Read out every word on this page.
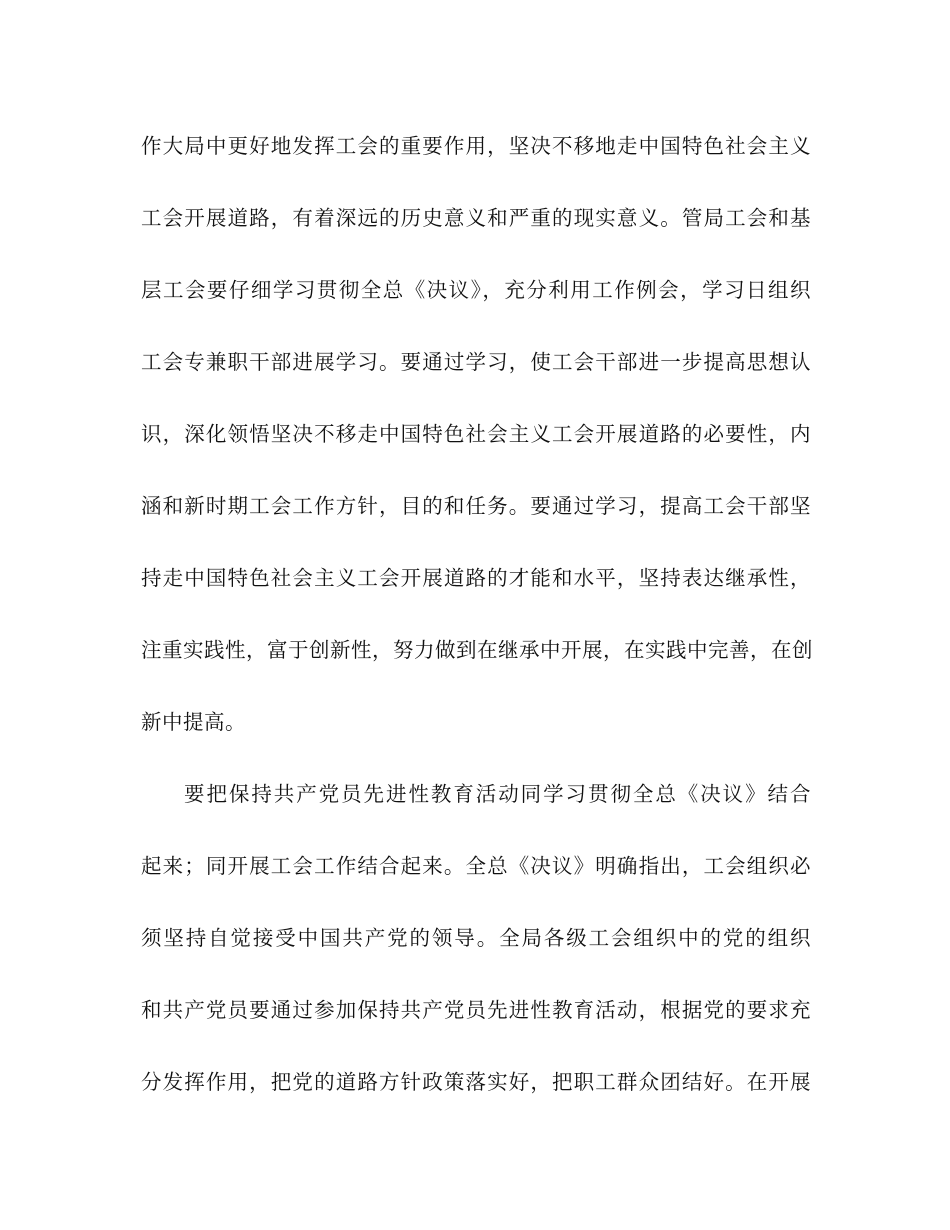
作大局中更好地发挥工会的重要作用，坚决不移地走中国特色社会主义
工会开展道路，有着深远的历史意义和严重的现实意义。管局工会和基
层工会要仔细学习贯彻全总《决议》，充分利用工作例会，学习日组织
工会专兼职干部进展学习。要通过学习，使工会干部进一步提高思想认
识，深化领悟坚决不移走中国特色社会主义工会开展道路的必要性，内
涵和新时期工会工作方针，目的和任务。要通过学习，提高工会干部坚
持走中国特色社会主义工会开展道路的才能和水平，坚持表达继承性，
注重实践性，富于创新性，努力做到在继承中开展，在实践中完善，在创
新中提高。
要把保持共产党员先进性教育活动同学习贯彻全总《决议》结合
起来；同开展工会工作结合起来。全总《决议》明确指出，工会组织必
须坚持自觉接受中国共产党的领导。全局各级工会组织中的党的组织
和共产党员要通过参加保持共产党员先进性教育活动，根据党的要求充
分发挥作用，把党的道路方针政策落实好，把职工群众团结好。在开展
